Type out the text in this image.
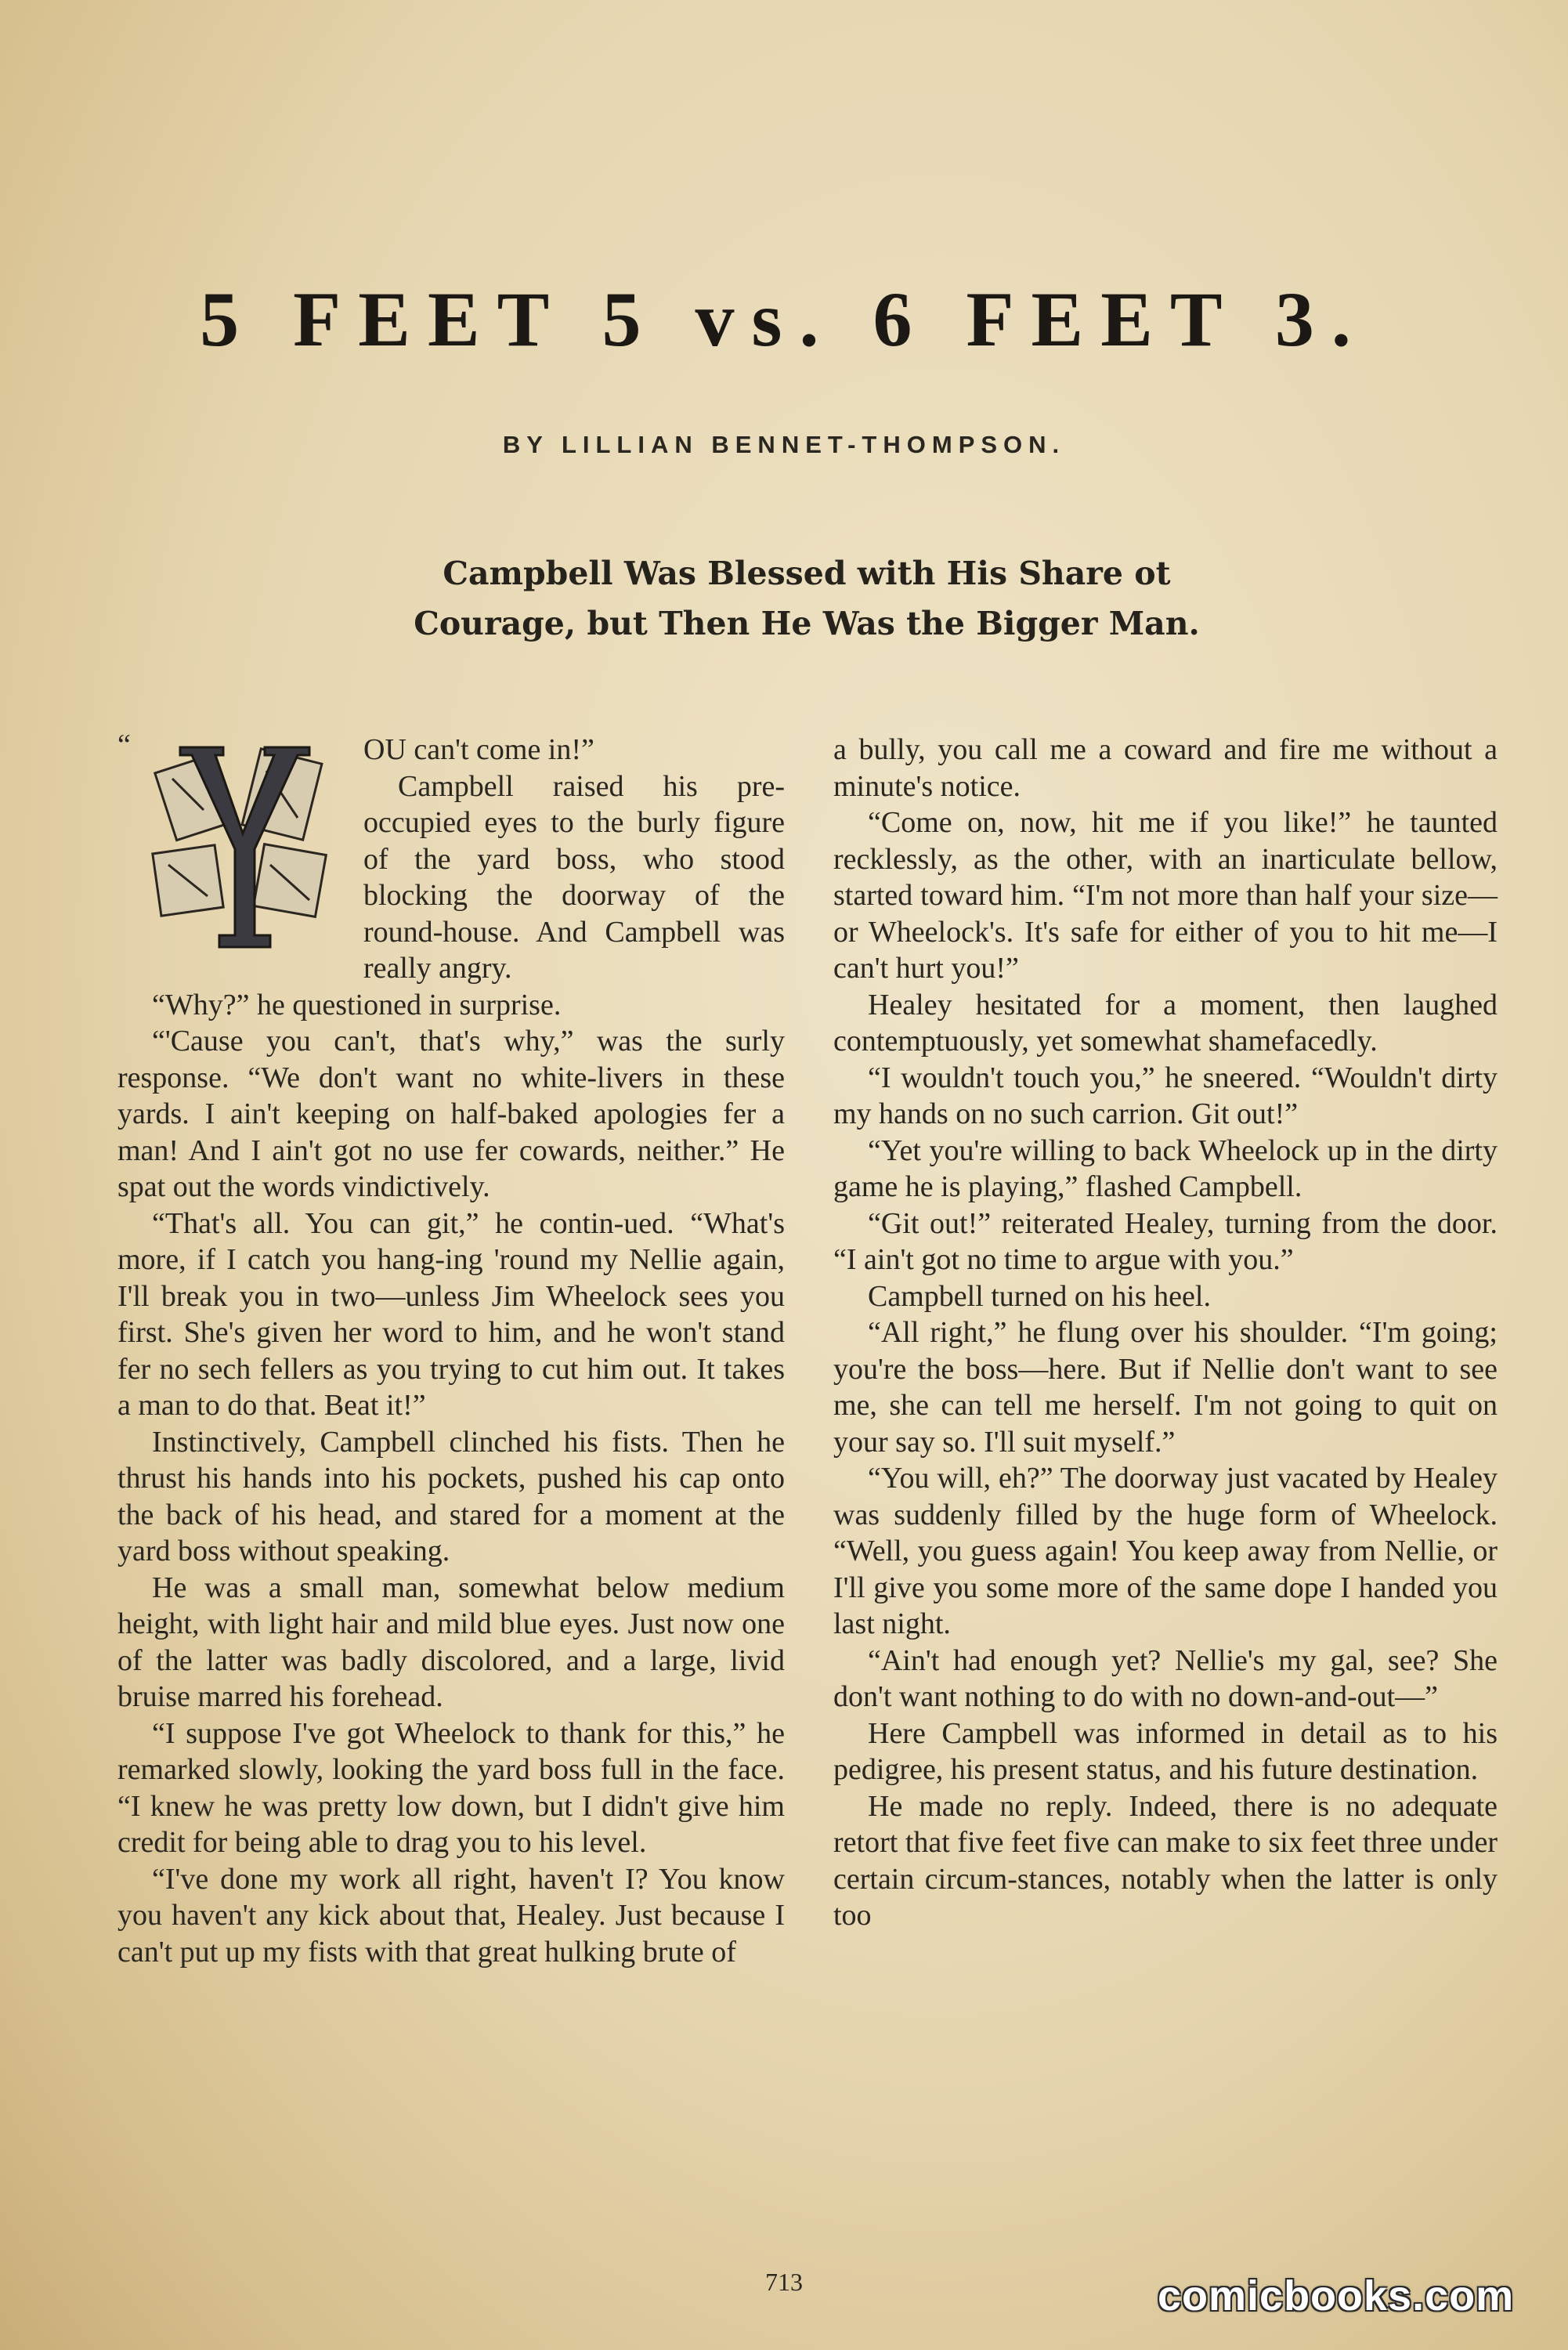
5 FEET 5 vs. 6 FEET 3.
BY LILLIAN BENNET-THOMPSON.
Campbell Was Blessed with His Share ot Courage, but Then He Was the Bigger Man.
“	OU can't come in!”

Campbell raised his pre-occupied eyes to the burly figure of the yard boss, who stood blocking the doorway of the round-house. And Campbell was really angry.

“Why?” he questioned in surprise.

“'Cause you can't, that's why,” was the surly response. “We don't want no white-livers in these yards. I ain't keeping on half-baked apologies fer a man! And I ain't got no use fer cowards, neither.” He spat out the words vindictively.

“That's all. You can git,” he contin-ued. “What's more, if I catch you hang-ing 'round my Nellie again, I'll break you in two—unless Jim Wheelock sees you first. She's given her word to him, and he won't stand fer no sech fellers as you trying to cut him out. It takes a man to do that. Beat it!”

Instinctively, Campbell clinched his fists. Then he thrust his hands into his pockets, pushed his cap onto the back of his head, and stared for a moment at the yard boss without speaking.

He was a small man, somewhat below medium height, with light hair and mild blue eyes. Just now one of the latter was badly discolored, and a large, livid bruise marred his forehead.

“I suppose I've got Wheelock to thank for this,” he remarked slowly, looking the yard boss full in the face. “I knew he was pretty low down, but I didn't give him credit for being able to drag you to his level.

“I've done my work all right, haven't I? You know you haven't any kick about that, Healey. Just because I can't put up my fists with that great hulking brute of

a bully, you call me a coward and fire me without a minute's notice.

“Come on, now, hit me if you like!” he taunted recklessly, as the other, with an inarticulate bellow, started toward him. “I'm not more than half your size—or Wheelock's. It's safe for either of you to hit me—I can't hurt you!”

Healey hesitated for a moment, then laughed contemptuously, yet somewhat shamefacedly.

“I wouldn't touch you,” he sneered. “Wouldn't dirty my hands on no such carrion. Git out!”

“Yet you're willing to back Wheelock up in the dirty game he is playing,” flashed Campbell.

“Git out!” reiterated Healey, turning from the door. “I ain't got no time to argue with you.”

Campbell turned on his heel.

“All right,” he flung over his shoulder. “I'm going; you're the boss—here. But if Nellie don't want to see me, she can tell me herself. I'm not going to quit on your say so. I'll suit myself.”

“You will, eh?” The doorway just vacated by Healey was suddenly filled by the huge form of Wheelock. “Well, you guess again! You keep away from Nellie, or I'll give you some more of the same dope I handed you last night.

“Ain't had enough yet? Nellie's my gal, see? She don't want nothing to do with no down-and-out—”

Here Campbell was informed in detail as to his pedigree, his present status, and his future destination.

He made no reply. Indeed, there is no adequate retort that five feet five can make to six feet three under certain circum-stances, notably when the latter is only too

713	comicbooks.com
